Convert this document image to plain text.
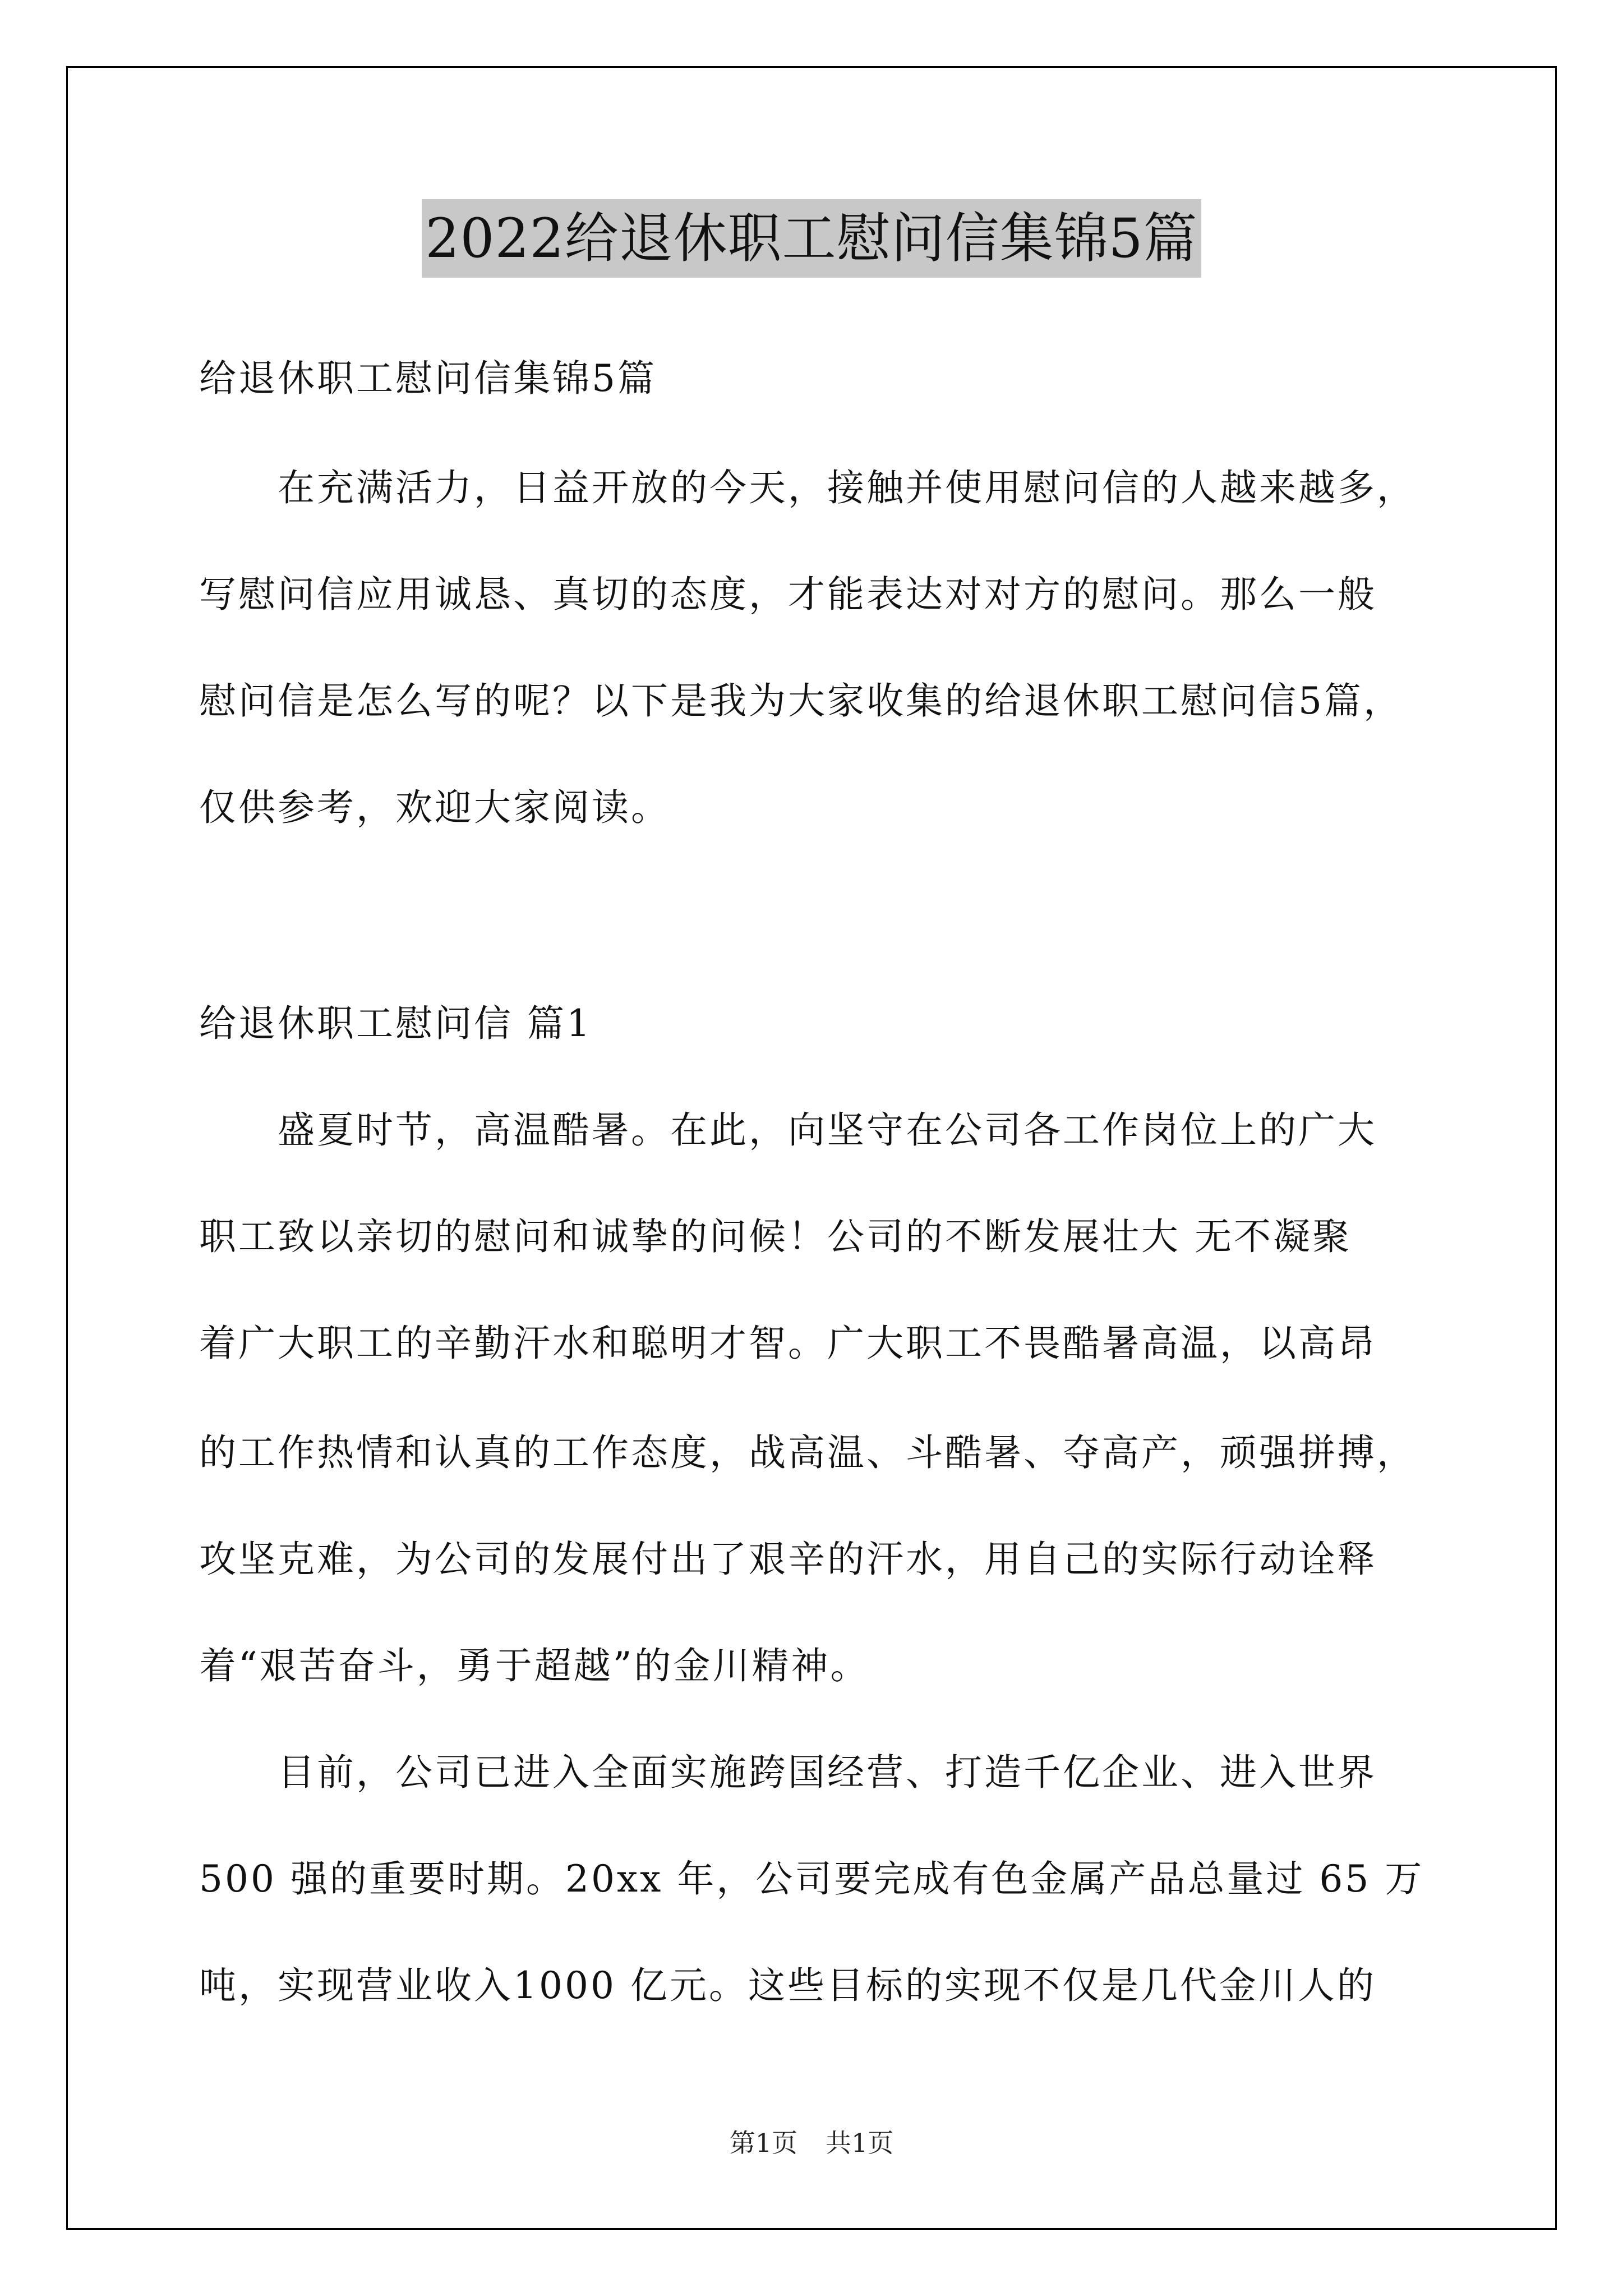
2022给退休职工慰问信集锦5篇
给退休职工慰问信集锦5篇
　　在充满活力，日益开放的今天，接触并使用慰问信的人越来越多，
写慰问信应用诚恳、真切的态度，才能表达对对方的慰问。那么一般
慰问信是怎么写的呢？以下是我为大家收集的给退休职工慰问信5篇，
仅供参考，欢迎大家阅读。
给退休职工慰问信 篇1
　　盛夏时节，高温酷暑。在此，向坚守在公司各工作岗位上的广大
职工致以亲切的慰问和诚挚的问候！公司的不断发展壮大 无不凝聚
着广大职工的辛勤汗水和聪明才智。广大职工不畏酷暑高温，以高昂
的工作热情和认真的工作态度，战高温、斗酷暑、夺高产，顽强拼搏，
攻坚克难，为公司的发展付出了艰辛的汗水，用自己的实际行动诠释
着“艰苦奋斗，勇于超越”的金川精神。
　　目前，公司已进入全面实施跨国经营、打造千亿企业、进入世界
500 强的重要时期。20xx 年，公司要完成有色金属产品总量过 65 万
吨，实现营业收入1000 亿元。这些目标的实现不仅是几代金川人的
第1页 共1页
